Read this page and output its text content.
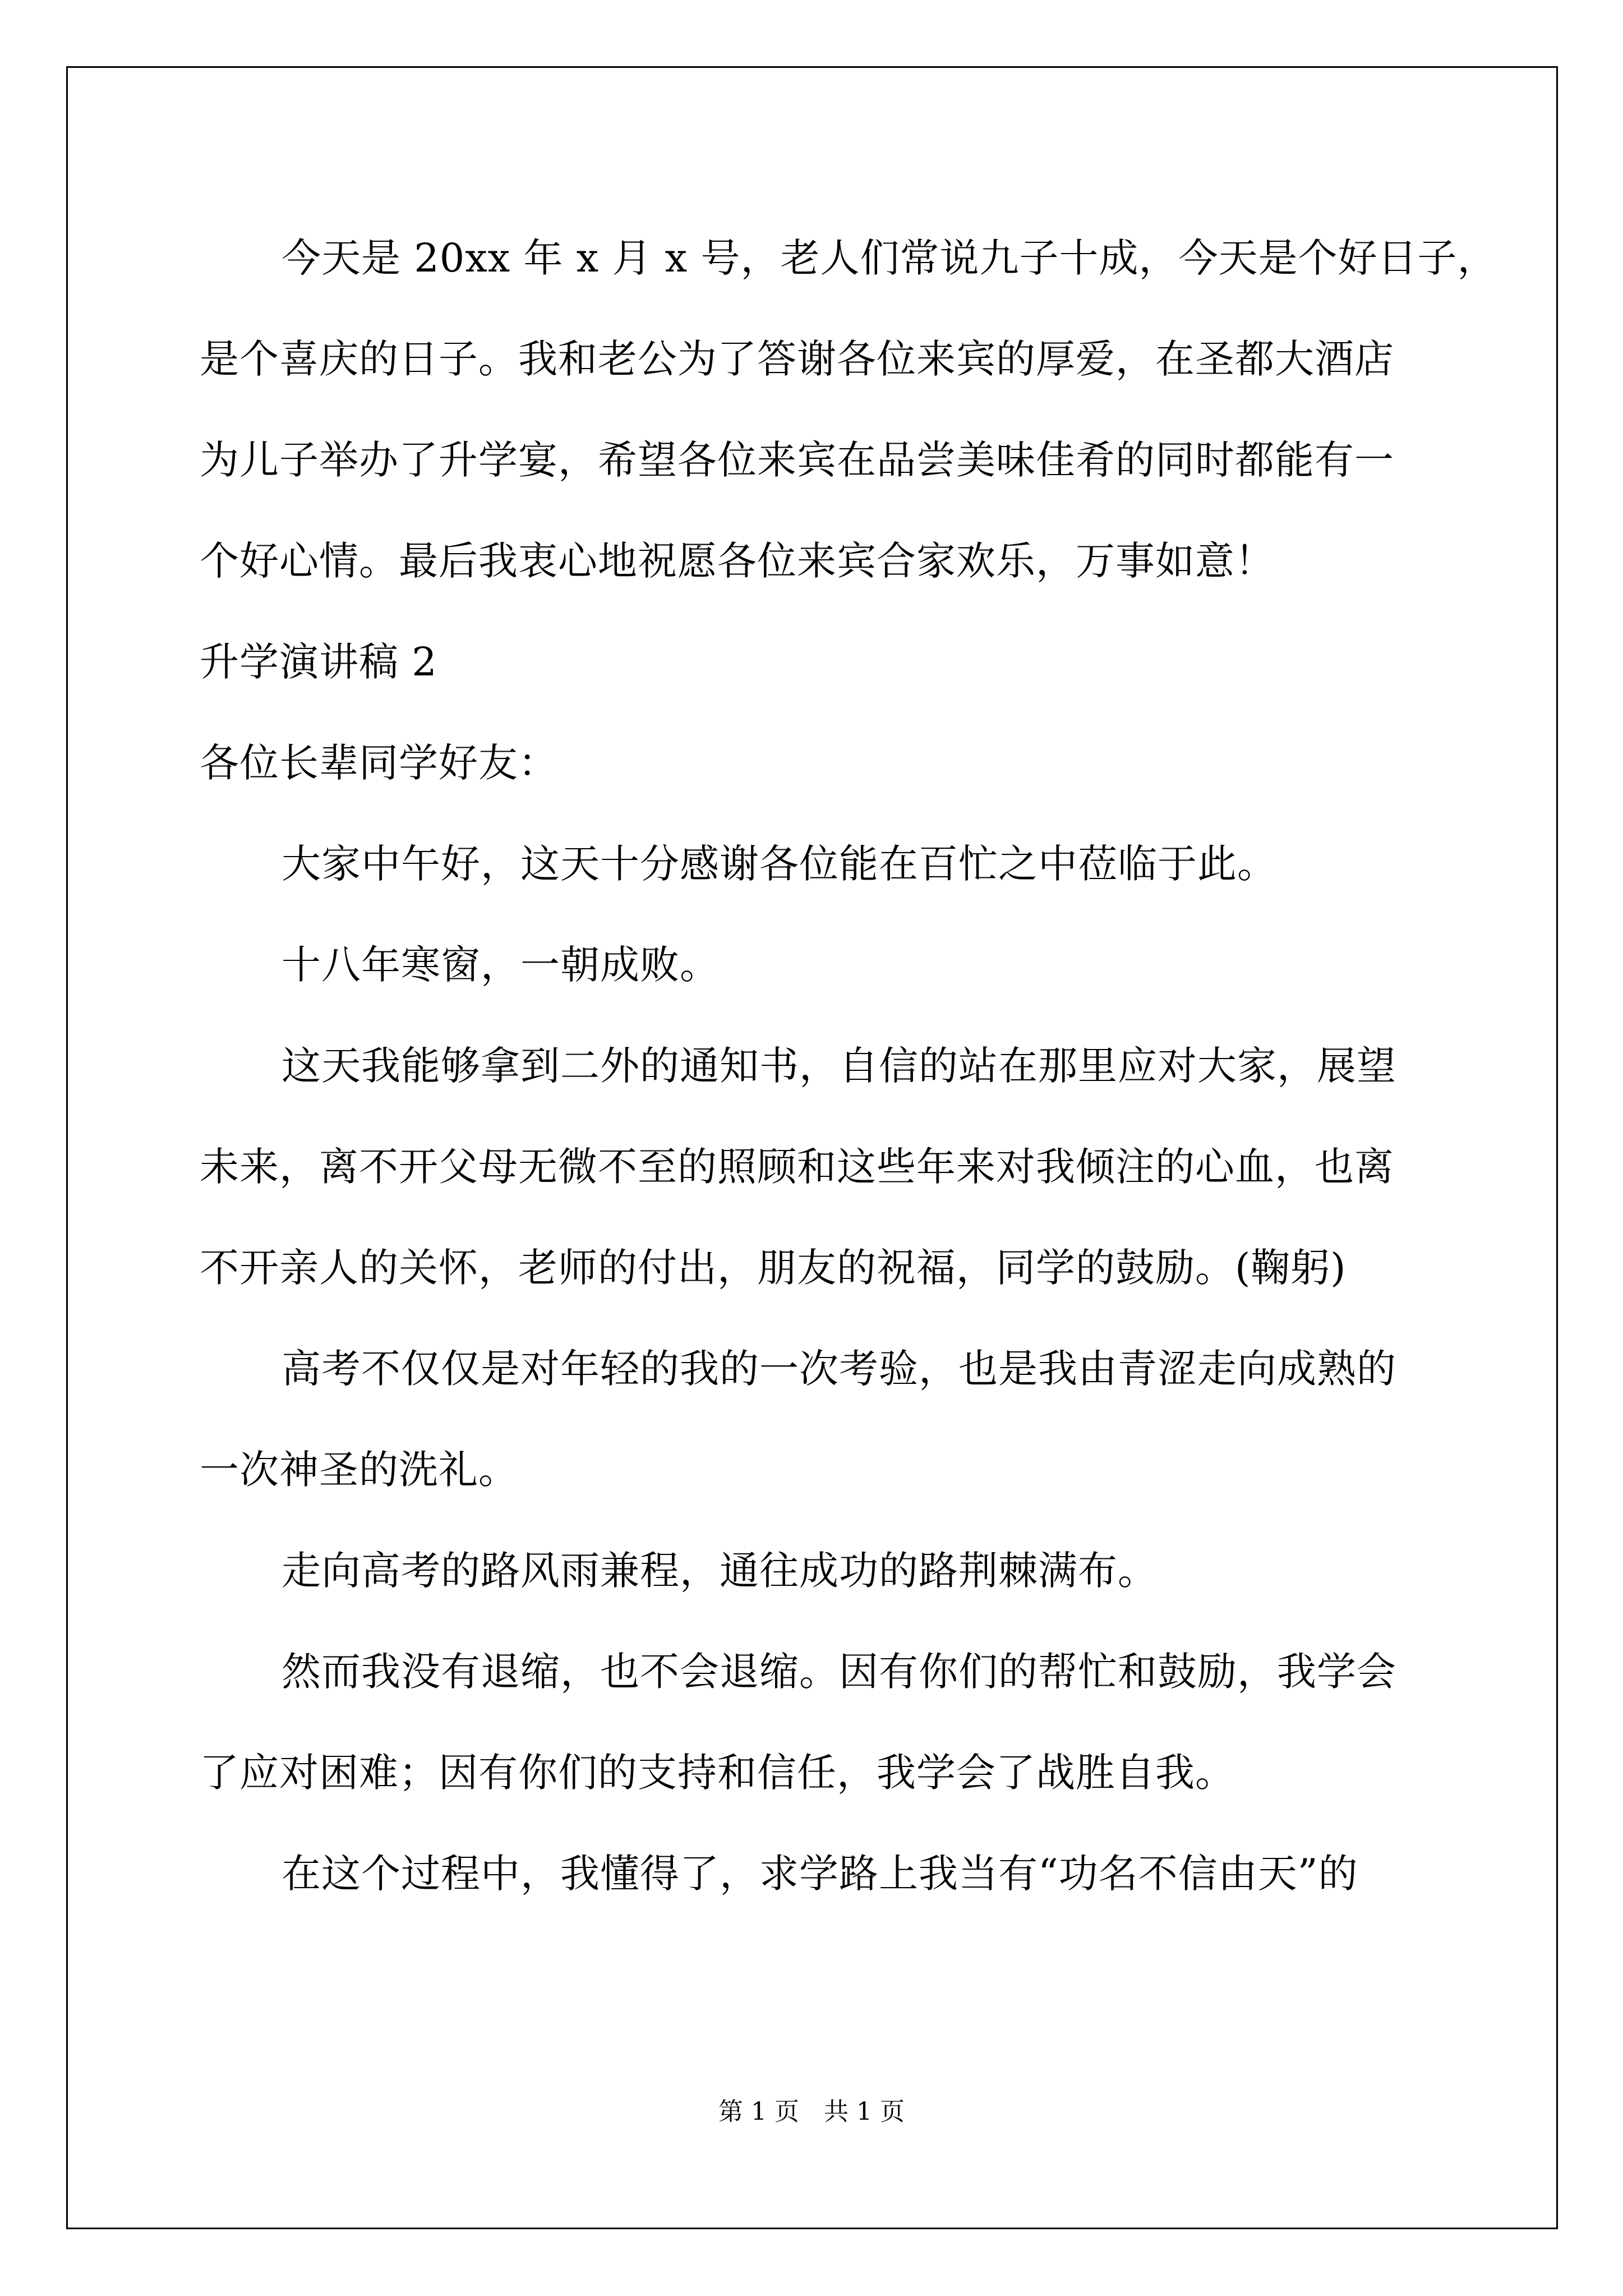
今天是 20xx 年 x 月 x 号，老人们常说九子十成，今天是个好日子，
是个喜庆的日子。我和老公为了答谢各位来宾的厚爱，在圣都大酒店
为儿子举办了升学宴，希望各位来宾在品尝美味佳肴的同时都能有一
个好心情。最后我衷心地祝愿各位来宾合家欢乐，万事如意！
升学演讲稿 2
各位长辈同学好友：
大家中午好，这天十分感谢各位能在百忙之中莅临于此。
十八年寒窗，一朝成败。
这天我能够拿到二外的通知书，自信的站在那里应对大家，展望
未来，离不开父母无微不至的照顾和这些年来对我倾注的心血，也离
不开亲人的关怀，老师的付出，朋友的祝福，同学的鼓励。(鞠躬)
高考不仅仅是对年轻的我的一次考验，也是我由青涩走向成熟的
一次神圣的洗礼。
走向高考的路风雨兼程，通往成功的路荆棘满布。
然而我没有退缩，也不会退缩。因有你们的帮忙和鼓励，我学会
了应对困难；因有你们的支持和信任，我学会了战胜自我。
在这个过程中，我懂得了，求学路上我当有“功名不信由天”的
第 1 页　共 1 页
